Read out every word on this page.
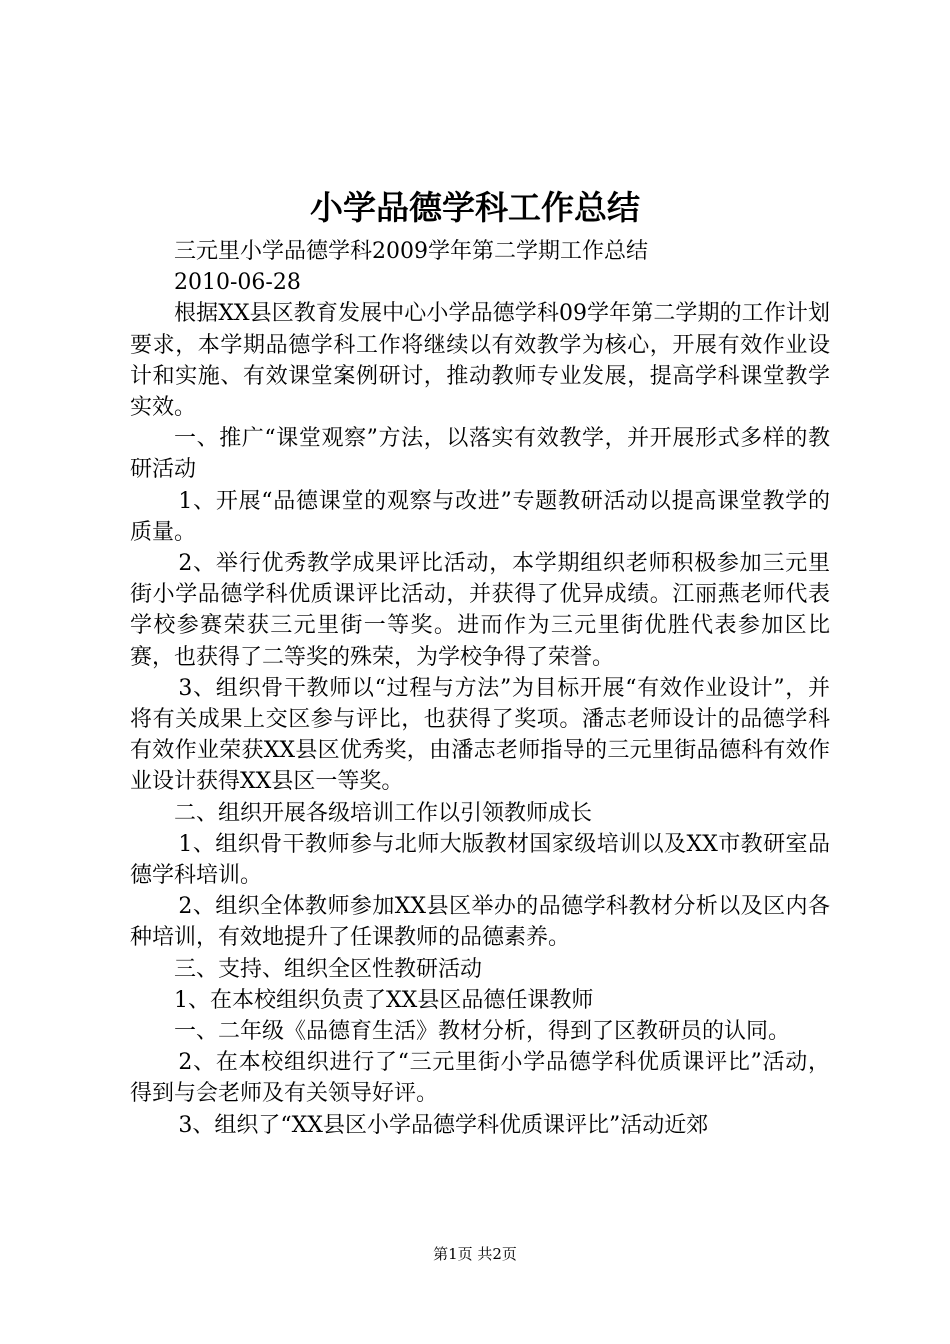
小学品德学科工作总结

三元里小学品德学科2009学年第二学期工作总结

2010-06-28

根据XX县区教育发展中心小学品德学科09学年第二学期的工作计划要求，本学期品德学科工作将继续以有效教学为核心，开展有效作业设计和实施、有效课堂案例研讨，推动教师专业发展，提高学科课堂教学实效。

一、推广“课堂观察”方法，以落实有效教学，并开展形式多样的教研活动

1、开展“品德课堂的观察与改进”专题教研活动以提高课堂教学的质量。

2、举行优秀教学成果评比活动，本学期组织老师积极参加三元里街小学品德学科优质课评比活动，并获得了优异成绩。江丽燕老师代表学校参赛荣获三元里街一等奖。进而作为三元里街优胜代表参加区比赛，也获得了二等奖的殊荣，为学校争得了荣誉。

3、组织骨干教师以“过程与方法”为目标开展“有效作业设计”，并将有关成果上交区参与评比，也获得了奖项。潘志老师设计的品德学科有效作业荣获XX县区优秀奖，由潘志老师指导的三元里街品德科有效作业设计获得XX县区一等奖。

二、组织开展各级培训工作以引领教师成长

1、组织骨干教师参与北师大版教材国家级培训以及XX市教研室品德学科培训。

2、组织全体教师参加XX县区举办的品德学科教材分析以及区内各种培训，有效地提升了任课教师的品德素养。

三、支持、组织全区性教研活动

1、在本校组织负责了XX县区品德任课教师

一、二年级《品德育生活》教材分析，得到了区教研员的认同。

2、在本校组织进行了“三元里街小学品德学科优质课评比”活动，得到与会老师及有关领导好评。

3、组织了“XX县区小学品德学科优质课评比”活动近郊

第1页 共2页
